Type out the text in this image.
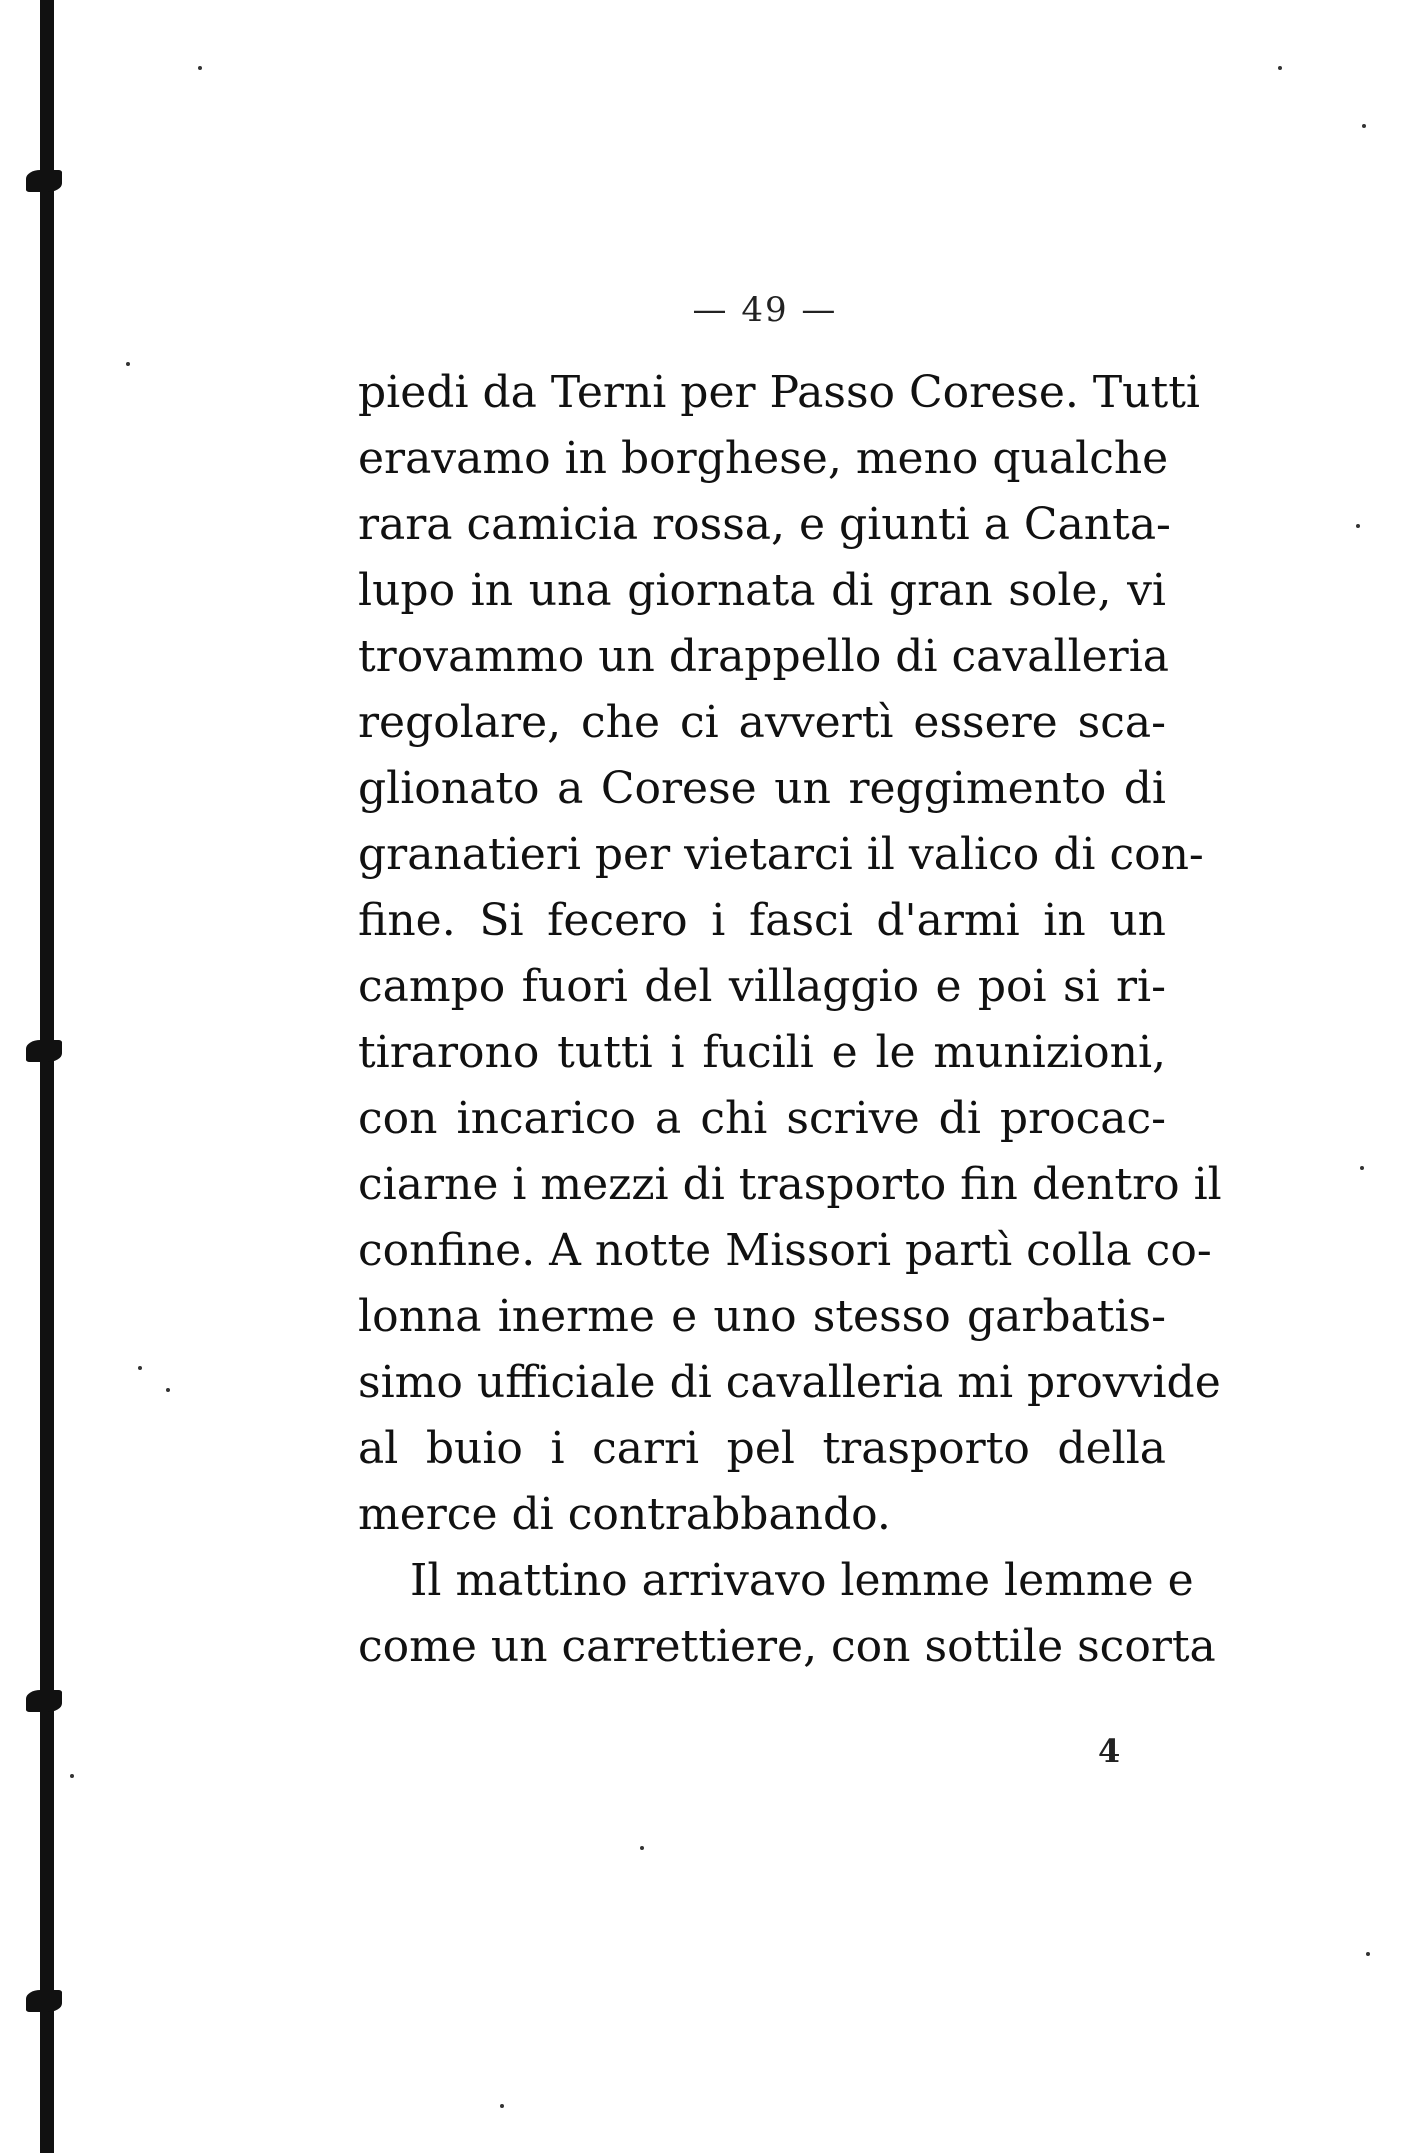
— 49 —
piedi da Terni per Passo Corese. Tutti
eravamo in borghese, meno qualche
rara camicia rossa, e giunti a Canta-
lupo in una giornata di gran sole, vi
trovammo un drappello di cavalleria
regolare, che ci avvertì essere sca-
glionato a Corese un reggimento di
granatieri per vietarci il valico di con-
fine. Si fecero i fasci d'armi in un
campo fuori del villaggio e poi si ri-
tirarono tutti i fucili e le munizioni,
con incarico a chi scrive di procac-
ciarne i mezzi di trasporto fin dentro il
confine. A notte Missori partì colla co-
lonna inerme e uno stesso garbatis-
simo ufficiale di cavalleria mi provvide
al buio i carri pel trasporto della
merce di contrabbando.
Il mattino arrivavo lemme lemme e
come un carrettiere, con sottile scorta
4
